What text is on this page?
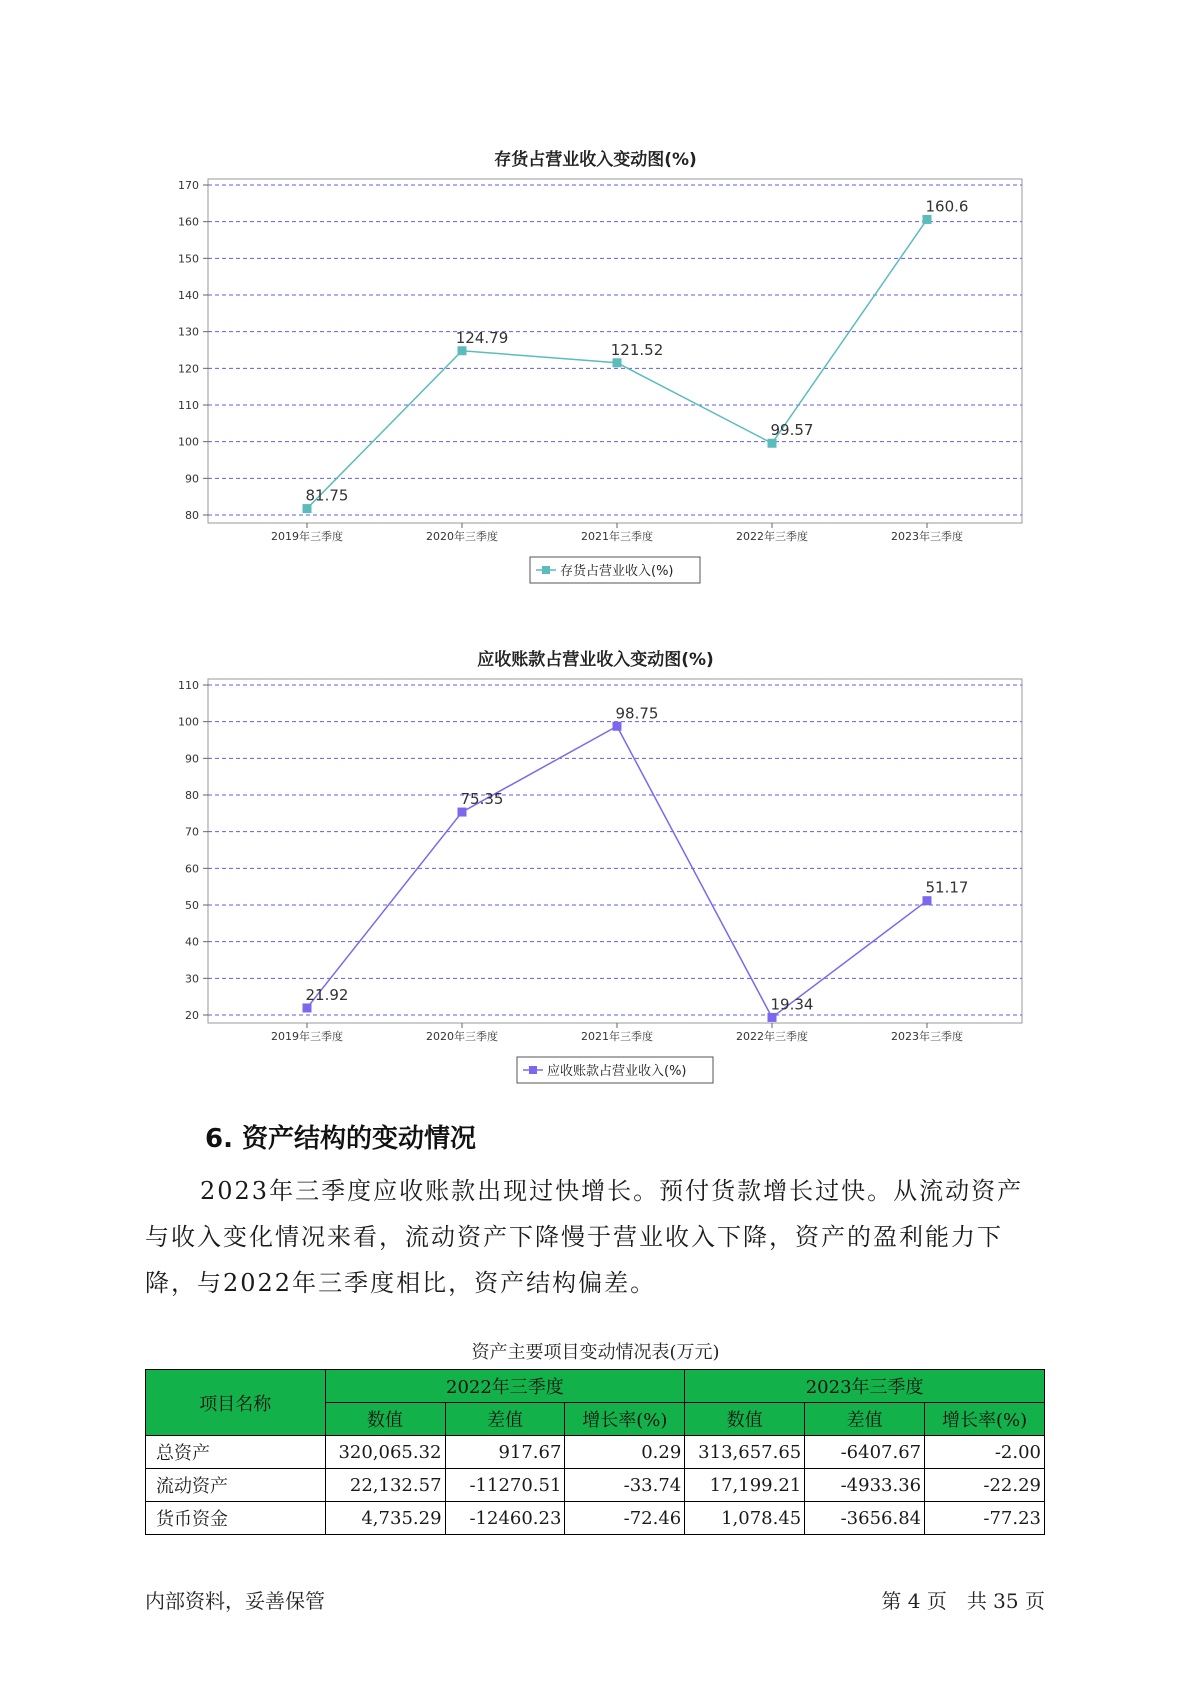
存货占营业收入变动图(%)
80
90
100
110
120
130
140
150
160
170
2019年三季度	2020年三季度	2021年三季度	2022年三季度	2023年三季度
81.75
124.79
121.52
99.57
160.6
存货占营业收入(%)
应收账款占营业收入变动图(%)
20
30
40
50
60
70
80
90
100
110
2019年三季度	2020年三季度	2021年三季度	2022年三季度	2023年三季度
21.92
75.35
98.75
19.34
51.17
应收账款占营业收入(%)
6. 资产结构的变动情况
2023年三季度应收账款出现过快增长。预付货款增长过快。从流动资产与收入变化情况来看，流动资产下降慢于营业收入下降，资产的盈利能力下降，与2022年三季度相比，资产结构偏差。
资产主要项目变动情况表(万元)
项目名称	2022年三季度			2023年三季度		
	数值	差值	增长率(%)	数值	差值	增长率(%)
总资产	320,065.32	917.67	0.29	313,657.65	-6407.67	-2.00
流动资产	22,132.57	-11270.51	-33.74	17,199.21	-4933.36	-22.29
货币资金	4,735.29	-12460.23	-72.46	1,078.45	-3656.84	-77.23
内部资料，妥善保管	第 4 页　共 35 页
